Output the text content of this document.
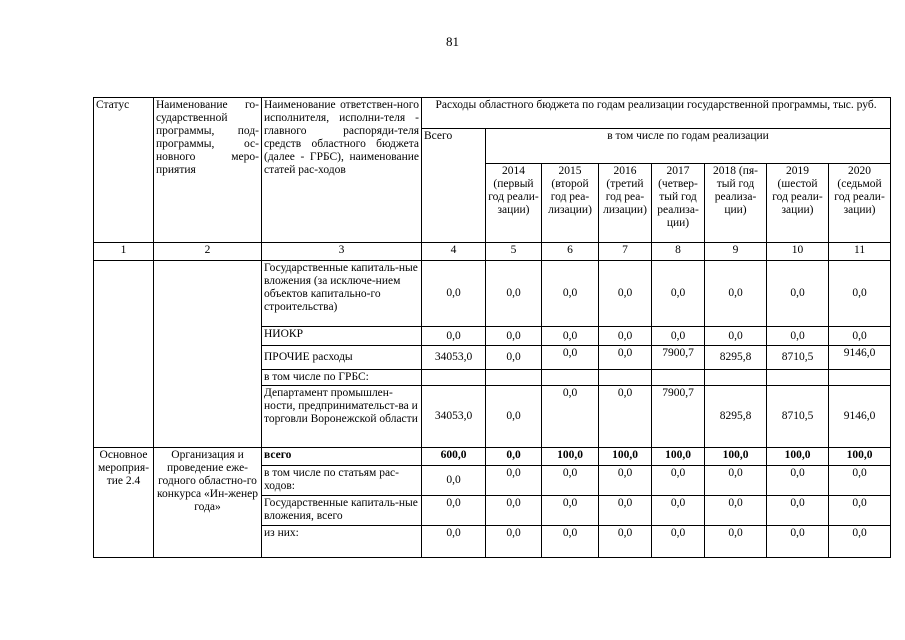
81
Статус	Наименование го-сударственной программы, под-программы, ос-новного меро-приятия	Наименование ответствен-ного исполнителя, исполни-теля - главного распоряди-теля средств областного бюджета (далее - ГРБС), наименование статей рас-ходов	Расходы областного бюджета по годам реализации государственной программы, тыс. руб.							
			Всего	в том числе по годам реализации						
				2014 (первый год реали-зации)	2015 (второй год реа-лизации)	2016 (третий год реа-лизации)	2017 (четвер-тый год реализа-ции)	2018 (пя-тый год реализа-ции)	2019 (шестой год реали-зации)	2020 (седьмой год реали-зации)
1	2	3	4	5	6	7	8	9	10	11
		Государственные капиталь-ные вложения (за исключе-нием объектов капитально-го строительства)	0,0	0,0	0,0	0,0	0,0	0,0	0,0	0,0
		НИОКР	0,0	0,0	0,0	0,0	0,0	0,0	0,0	0,0
		ПРОЧИЕ расходы	34053,0	0,0	0,0	0,0	7900,7	8295,8	8710,5	9146,0
		в том числе по ГРБС:								
		Департамент промышлен-ности, предпринимательст-ва и торговли Воронежской области	34053,0	0,0	0,0	0,0	7900,7	8295,8	8710,5	9146,0
Основное мероприя-тие 2.4	Организация и проведение еже-годного областно-го конкурса «Ин-женер года»	всего	600,0	0,0	100,0	100,0	100,0	100,0	100,0	100,0
		в том числе по статьям рас-ходов:	0,0	0,0	0,0	0,0	0,0	0,0	0,0	0,0
		Государственные капиталь-ные вложения, всего	0,0	0,0	0,0	0,0	0,0	0,0	0,0	0,0
		из них:	0,0	0,0	0,0	0,0	0,0	0,0	0,0	0,0
